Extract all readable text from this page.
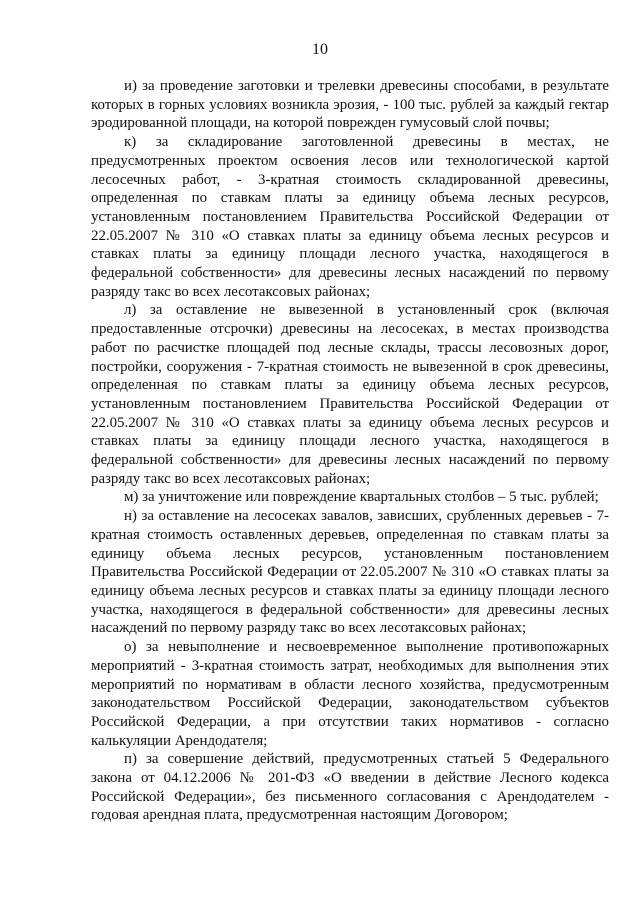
10

и) за проведение заготовки и трелевки древесины способами, в результате которых в горных условиях возникла эрозия, - 100 тыс. рублей за каждый гектар эродированной площади, на которой поврежден гумусовый слой почвы;

к) за складирование заготовленной древесины в местах, не предусмотренных проектом освоения лесов или технологической картой лесосечных работ, - 3-кратная стоимость складированной древесины, определенная по ставкам платы за единицу объема лесных ресурсов, установленным постановлением Правительства Российской Федерации от 22.05.2007 № 310 «О ставках платы за единицу объема лесных ресурсов и ставках платы за единицу площади лесного участка, находящегося в федеральной собственности» для древесины лесных насаждений по первому разряду такс во всех лесотаксовых районах;

л) за оставление не вывезенной в установленный срок (включая предоставленные отсрочки) древесины на лесосеках, в местах производства работ по расчистке площадей под лесные склады, трассы лесовозных дорог, постройки, сооружения - 7-кратная стоимость не вывезенной в срок древесины, определенная по ставкам платы за единицу объема лесных ресурсов, установленным постановлением Правительства Российской Федерации от 22.05.2007 № 310 «О ставках платы за единицу объема лесных ресурсов и ставках платы за единицу площади лесного участка, находящегося в федеральной собственности» для древесины лесных насаждений по первому разряду такс во всех лесотаксовых районах;

м) за уничтожение или повреждение квартальных столбов – 5 тыс. рублей;

н) за оставление на лесосеках завалов, зависших, срубленных деревьев - 7-кратная стоимость оставленных деревьев, определенная по ставкам платы за единицу объема лесных ресурсов, установленным постановлением Правительства Российской Федерации от 22.05.2007 № 310 «О ставках платы за единицу объема лесных ресурсов и ставках платы за единицу площади лесного участка, находящегося в федеральной собственности» для древесины лесных насаждений по первому разряду такс во всех лесотаксовых районах;

о) за невыполнение и несвоевременное выполнение противопожарных мероприятий - 3-кратная стоимость затрат, необходимых для выполнения этих мероприятий по нормативам в области лесного хозяйства, предусмотренным законодательством Российской Федерации, законодательством субъектов Российской Федерации, а при отсутствии таких нормативов - согласно калькуляции Арендодателя;

п) за совершение действий, предусмотренных статьей 5 Федерального закона от 04.12.2006 № 201-ФЗ «О введении в действие Лесного кодекса Российской Федерации», без письменного согласования с Арендодателем - годовая арендная плата, предусмотренная настоящим Договором;
